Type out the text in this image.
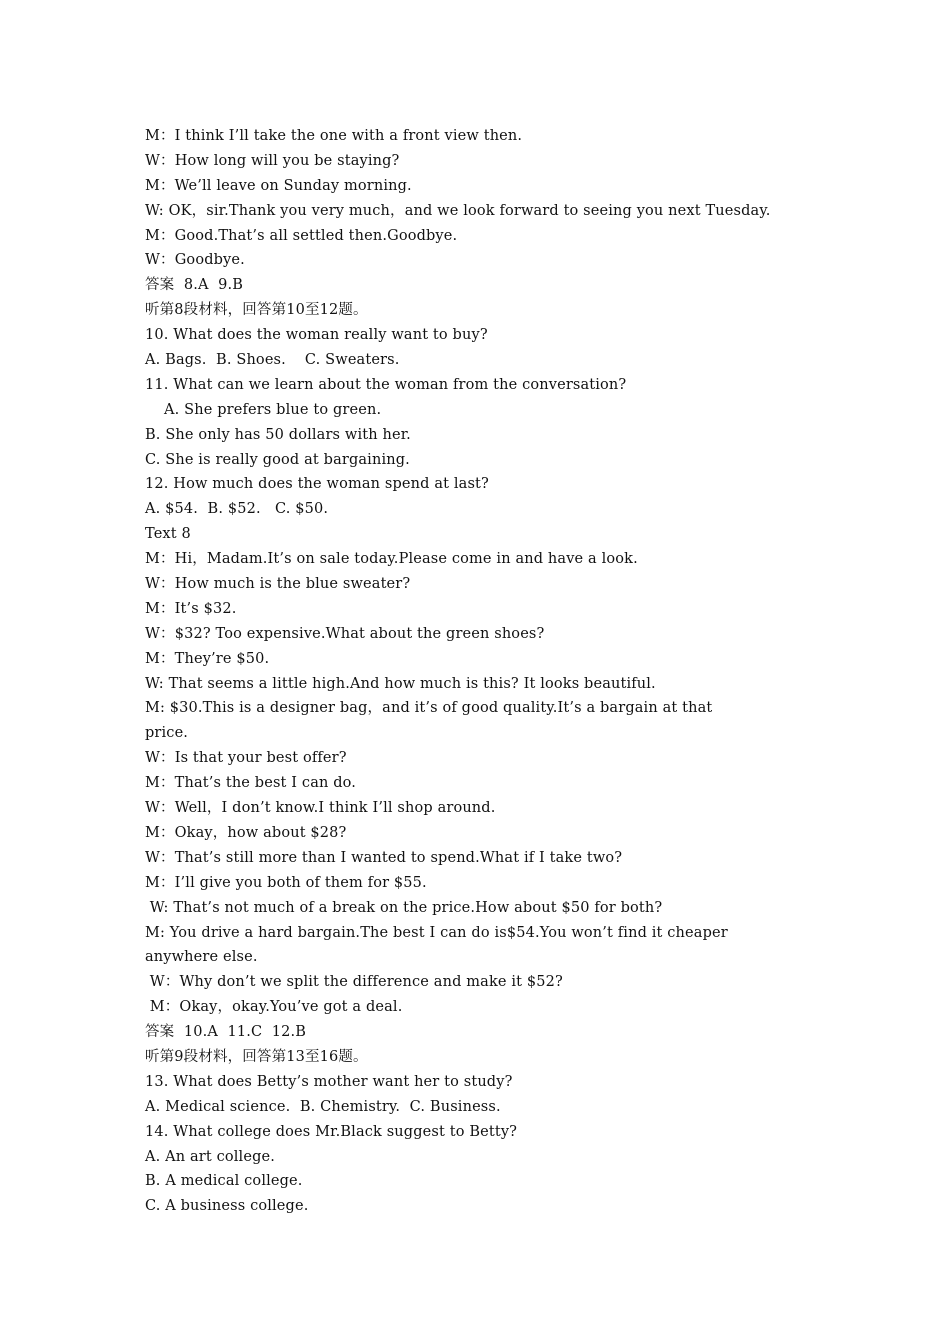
M：I think I’ll take the one with a front view then.
W：How long will you be staying?
M：We’ll leave on Sunday morning.
W: OK，sir.Thank you very much，and we look forward to seeing you next Tuesday.
M：Good.That’s all settled then.Goodbye.
W：Goodbye.
答案  8.A  9.B
听第8段材料，回答第10至12题。
10. What does the woman really want to buy?
A. Bags.  B. Shoes.    C. Sweaters.
11. What can we learn about the woman from the conversation?
A. She prefers blue to green.
B. She only has 50 dollars with her.
C. She is really good at bargaining.
12. How much does the woman spend at last?
A. $54.  B. $52.   C. $50.
Text 8
M：Hi，Madam.It’s on sale today.Please come in and have a look.
W：How much is the blue sweater?
M：It’s $32.
W：$32? Too expensive.What about the green shoes?
M：They’re $50.
W: That seems a little high.And how much is this? It looks beautiful.
M: $30.This is a designer bag，and it’s of good quality.It’s a bargain at that
price.
W：Is that your best offer?
M：That’s the best I can do.
W：Well，I don’t know.I think I’ll shop around.
M：Okay，how about $28?
W：That’s still more than I wanted to spend.What if I take two?
M：I’ll give you both of them for $55.
W: That’s not much of a break on the price.How about $50 for both?
M: You drive a hard bargain.The best I can do is$54.You won’t find it cheaper
anywhere else.
W：Why don’t we split the difference and make it $52?
M：Okay，okay.You’ve got a deal.
答案  10.A  11.C  12.B
听第9段材料，回答第13至16题。
13. What does Betty’s mother want her to study?
A. Medical science.  B. Chemistry.  C. Business.
14. What college does Mr.Black suggest to Betty?
A. An art college.
B. A medical college.
C. A business college.
